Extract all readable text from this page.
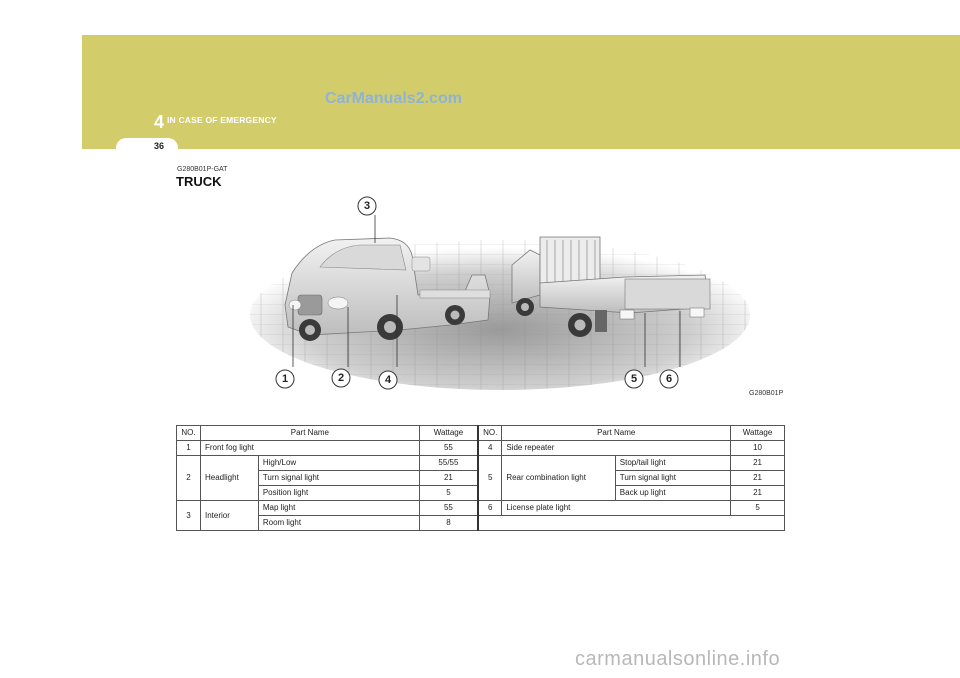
4 IN CASE OF EMERGENCY
CarManuals2.com
36
G280B01P-GAT
TRUCK
1	2
3
4	5	6
G280B01P
NO.	Part Name		Wattage	NO.	Part Name		Wattage
1	Front fog light		55	4	Side repeater		10
2	Headlight	High/Low	55/55	5	Rear combination light	Stop/tail light	21
		Turn signal light	21			Turn signal light	21
		Position light	5			Back up light	21
3	Interior	Map light	55	6	License plate light		5
		Room light	8				
carmanualsonline.info
